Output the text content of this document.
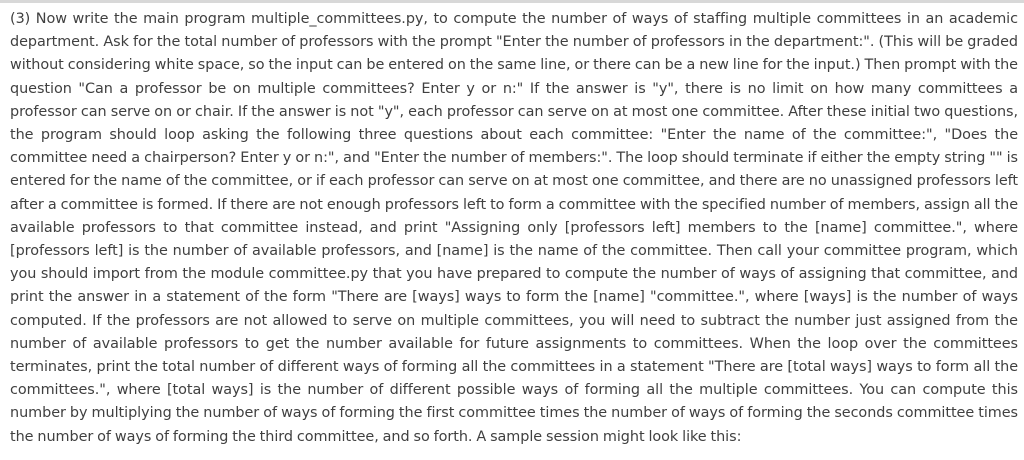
(3) Now write the main program multiple_committees.py, to compute the number of ways of staffing multiple committees in an academic department. Ask for the total number of professors with the prompt "Enter the number of professors in the department:". (This will be graded without considering white space, so the input can be entered on the same line, or there can be a new line for the input.) Then prompt with the question "Can a professor be on multiple committees? Enter y or n:" If the answer is "y", there is no limit on how many committees a professor can serve on or chair. If the answer is not "y", each professor can serve on at most one committee. After these initial two questions, the program should loop asking the following three questions about each committee: "Enter the name of the committee:", "Does the committee need a chairperson? Enter y or n:", and "Enter the number of members:". The loop should terminate if either the empty string "" is entered for the name of the committee, or if each professor can serve on at most one committee, and there are no unassigned professors left after a committee is formed. If there are not enough professors left to form a committee with the specified number of members, assign all the available professors to that committee instead, and print "Assigning only [professors left] members to the [name] committee.", where [professors left] is the number of available professors, and [name] is the name of the committee. Then call your committee program, which you should import from the module committee.py that you have prepared to compute the number of ways of assigning that committee, and print the answer in a statement of the form "There are [ways] ways to form the [name] "committee.", where [ways] is the number of ways computed. If the professors are not allowed to serve on multiple committees, you will need to subtract the number just assigned from the number of available professors to get the number available for future assignments to committees. When the loop over the committees terminates, print the total number of different ways of forming all the committees in a statement "There are [total ways] ways to form all the committees.", where [total ways] is the number of different possible ways of forming all the multiple committees. You can compute this number by multiplying the number of ways of forming the first committee times the number of ways of forming the seconds committee times the number of ways of forming the third committee, and so forth. A sample session might look like this:
